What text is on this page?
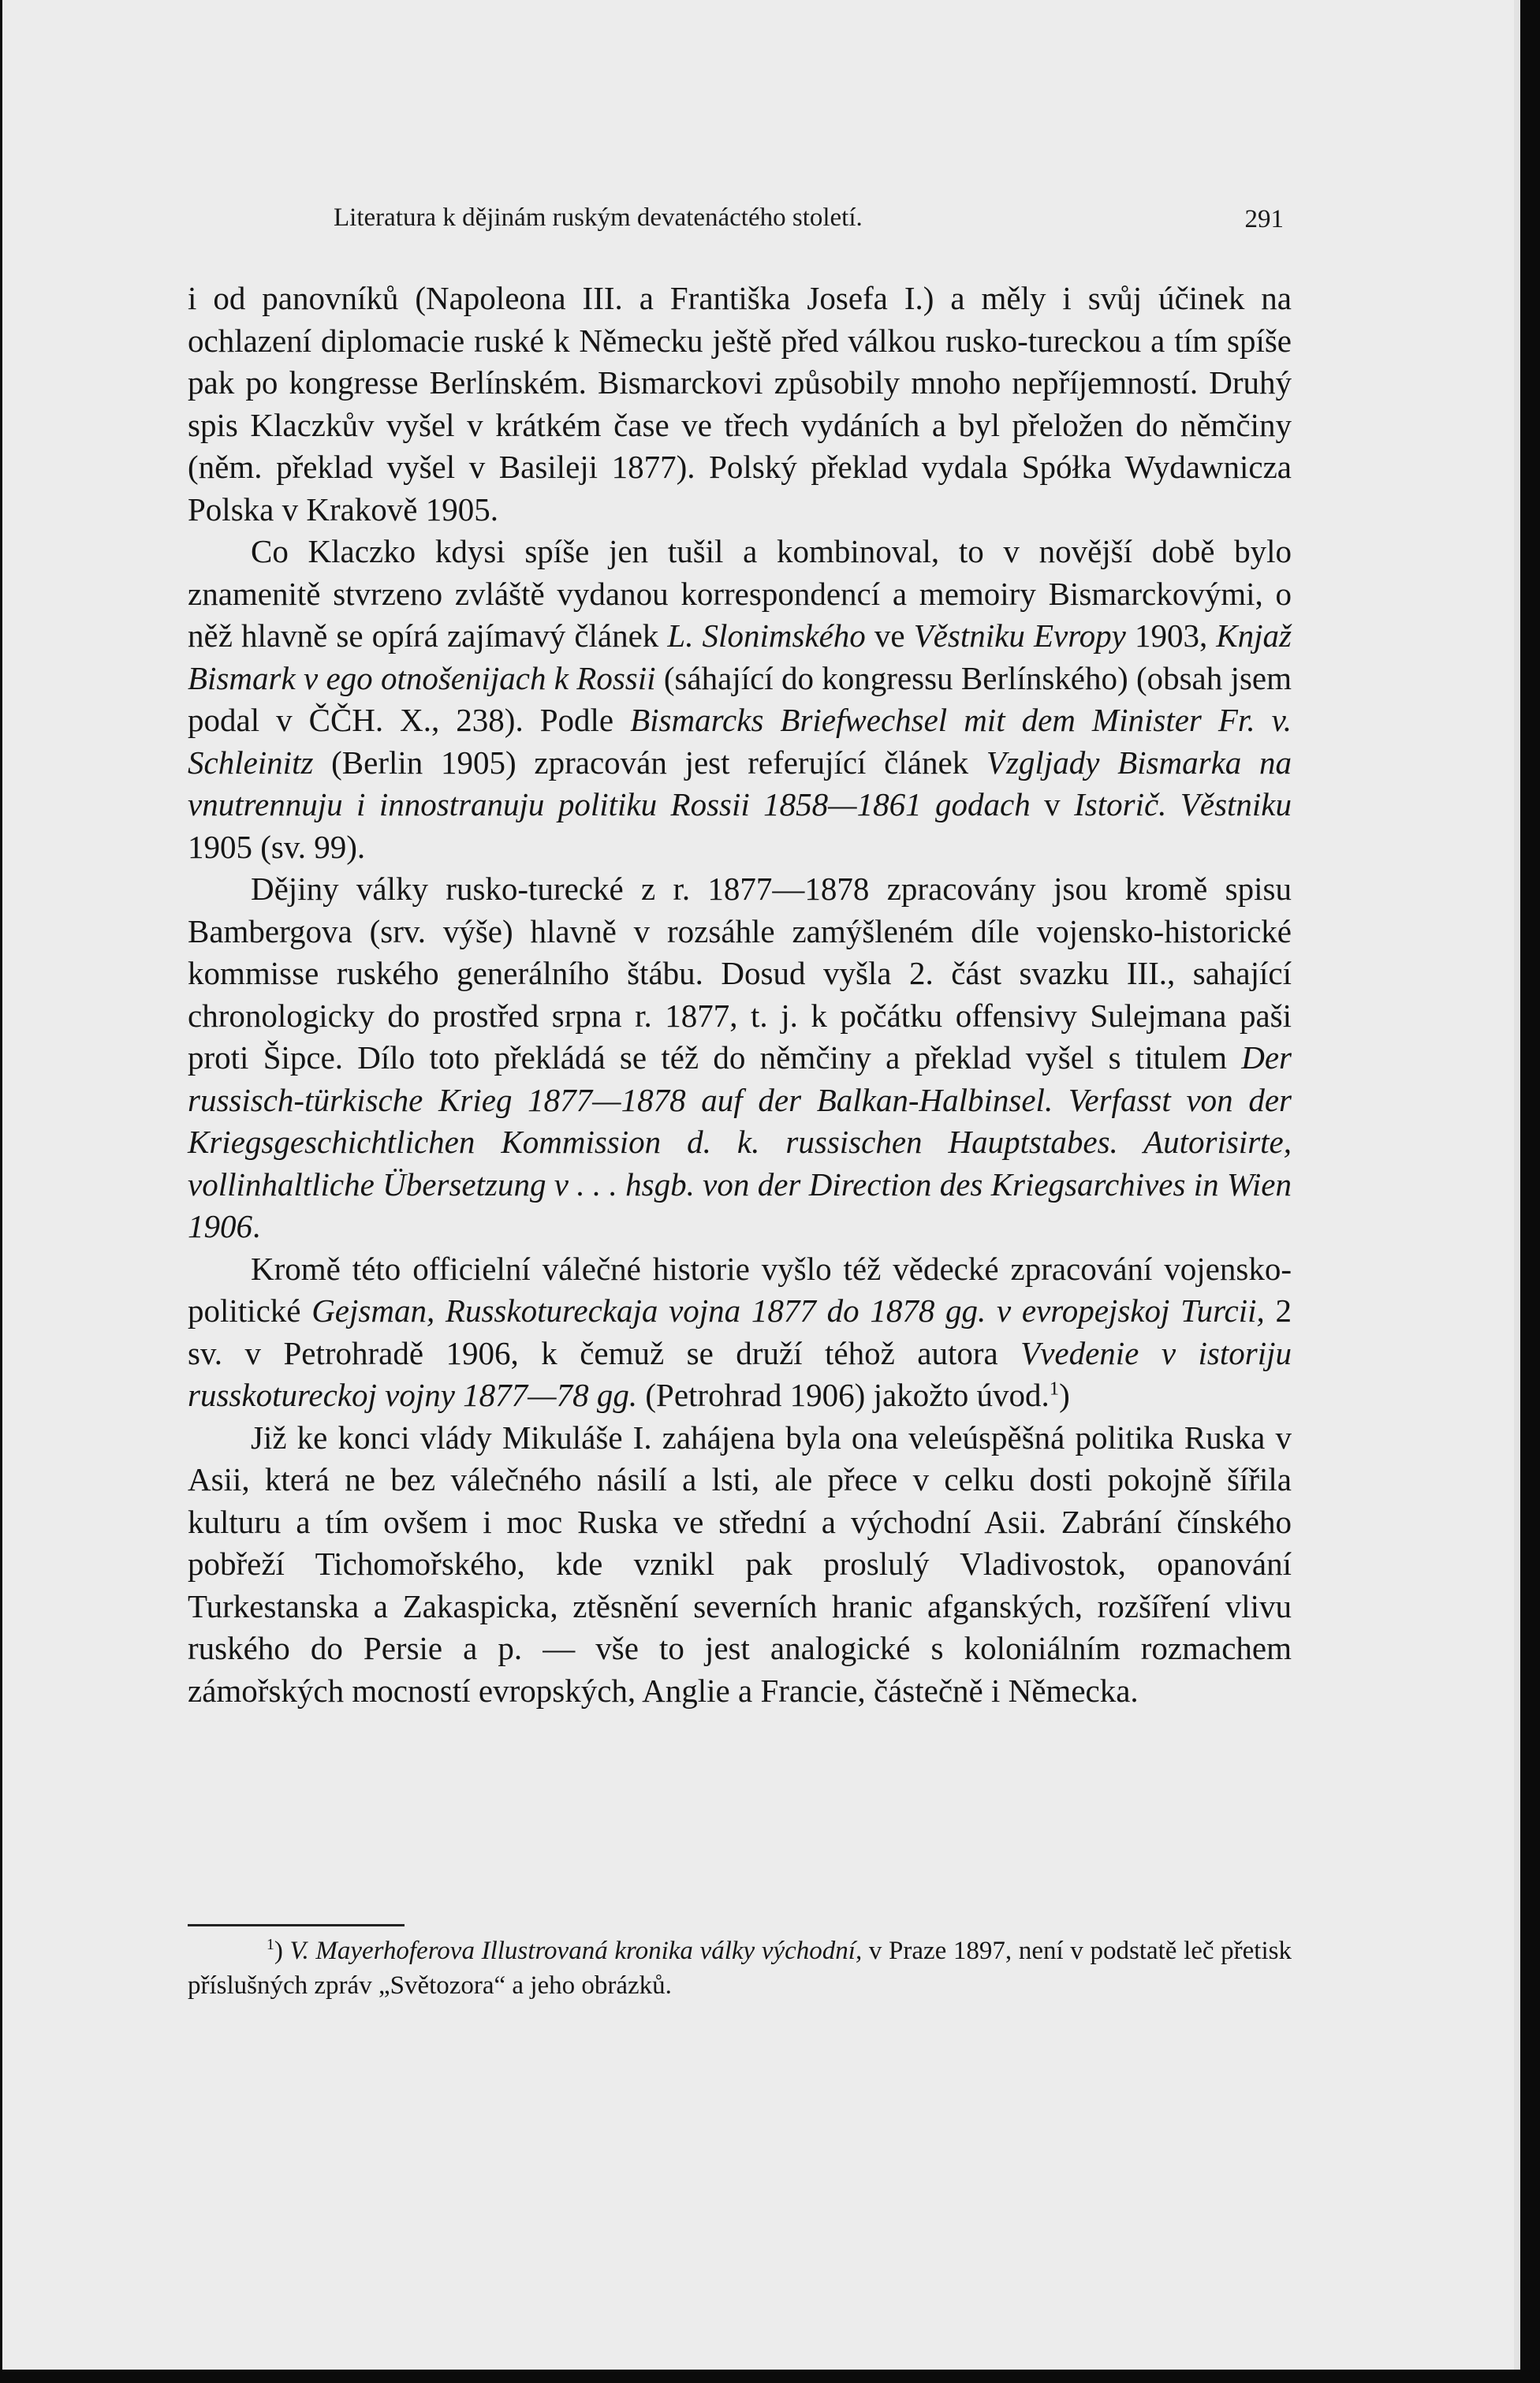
Literatura k dějinám ruským devatenáctého století.	291

i od panovníků (Napoleona III. a Františka Josefa I.) a měly i svůj účinek na ochlazení diplomacie ruské k Německu ještě před válkou rusko-tureckou a tím spíše pak po kongresse Berlínském. Bismarckovi způsobily mnoho nepříjemností. Druhý spis Klaczkův vyšel v krátkém čase ve třech vydáních a byl přeložen do němčiny (něm. překlad vyšel v Basileji 1877). Polský překlad vydala Spółka Wydawnicza Polska v Krakově 1905.

Co Klaczko kdysi spíše jen tušil a kombinoval, to v novější době bylo znamenitě stvrzeno zvláště vydanou korrespondencí a memoiry Bismarckovými, o něž hlavně se opírá zajímavý článek L. Slonimského ve Věstniku Evropy 1903, Knjaž Bismark v ego otnošenijach k Rossii (sáhající do kongressu Berlínského) (obsah jsem podal v ČČH. X., 238). Podle Bismarcks Briefwechsel mit dem Minister Fr. v. Schleinitz (Berlin 1905) zpracován jest referující článek Vzgljady Bismarka na vnutrennuju i innostranuju politiku Rossii 1858—1861 godach v Istorič. Věstniku 1905 (sv. 99).

Dějiny války rusko-turecké z r. 1877—1878 zpracovány jsou kromě spisu Bambergova (srv. výše) hlavně v rozsáhle zamýšleném díle vojensko-historické kommisse ruského generálního štábu. Dosud vyšla 2. část svazku III., sahající chronologicky do prostřed srpna r. 1877, t. j. k počátku offensivy Sulejmana paši proti Šipce. Dílo toto překládá se též do němčiny a překlad vyšel s titulem Der russisch-türkische Krieg 1877—1878 auf der Balkan-Halbinsel. Verfasst von der Kriegsgeschichtlichen Kommission d. k. russischen Hauptstabes. Autorisirte, vollinhaltliche Übersetzung v . . . hsgb. von der Direction des Kriegsarchives in Wien 1906.

Kromě této officielní válečné historie vyšlo též vědecké zpracování vojensko-politické Gejsman, Russkotureckaja vojna 1877 do 1878 gg. v evropejskoj Turcii, 2 sv. v Petrohradě 1906, k čemuž se druží téhož autora Vvedenie v istoriju russkotureckoj vojny 1877—78 gg. (Petrohrad 1906) jakožto úvod.$^1$)

Již ke konci vlády Mikuláše I. zahájena byla ona veleúspěšná politika Ruska v Asii, která ne bez válečného násilí a lsti, ale přece v celku dosti pokojně šířila kulturu a tím ovšem i moc Ruska ve střední a východní Asii. Zabrání čínského pobřeží Tichomořského, kde vznikl pak proslulý Vladivostok, opanování Turkestanska a Zakaspicka, ztěsnění severních hranic afganských, rozšíření vlivu ruského do Persie a p. — vše to jest analogické s koloniálním rozmachem zámořských mocností evropských, Anglie a Francie, částečně i Německa.

$^1$) V. Mayerhoferova Illustrovaná kronika války východní, v Praze 1897, není v podstatě leč přetisk příslušných zpráv „Světozora“ a jeho obrázků.
